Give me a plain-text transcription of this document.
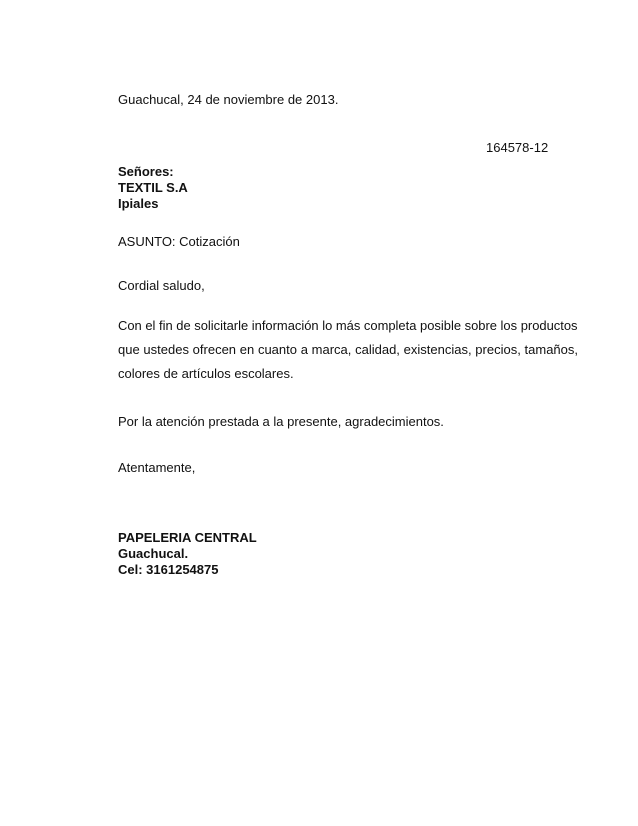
Guachucal, 24 de noviembre de 2013.
164578-12
Señores:
TEXTIL S.A
Ipiales
ASUNTO: Cotización
Cordial saludo,
Con el fin de solicitarle información lo más completa posible sobre los productos
que ustedes ofrecen en cuanto a marca, calidad, existencias, precios, tamaños,
colores de artículos escolares.
Por la atención prestada a la presente, agradecimientos.
Atentamente,
PAPELERIA CENTRAL
Guachucal.
Cel: 3161254875
